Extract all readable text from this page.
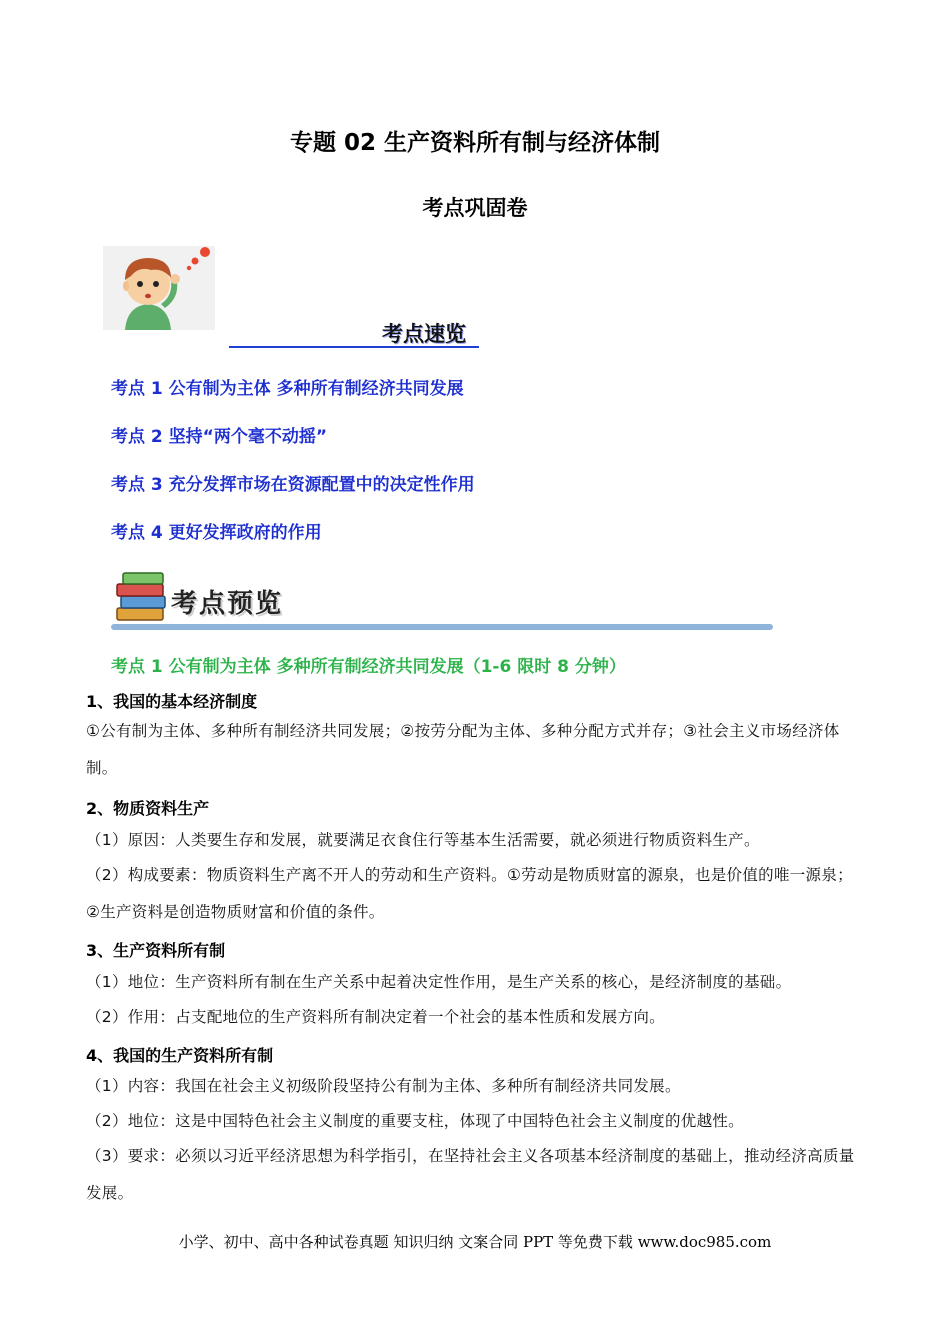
专题 02 生产资料所有制与经济体制
考点巩固卷
考点速览
考点 1 公有制为主体 多种所有制经济共同发展
考点 2 坚持“两个毫不动摇”
考点 3 充分发挥市场在资源配置中的决定性作用
考点 4 更好发挥政府的作用
考点预览
考点 1 公有制为主体 多种所有制经济共同发展（1-6 限时 8 分钟）
1、我国的基本经济制度
①公有制为主体、多种所有制经济共同发展；②按劳分配为主体、多种分配方式并存；③社会主义市场经济体制。
2、物质资料生产
（1）原因：人类要生存和发展，就要满足衣食住行等基本生活需要，就必须进行物质资料生产。
（2）构成要素：物质资料生产离不开人的劳动和生产资料。①劳动是物质财富的源泉，也是价值的唯一源泉；②生产资料是创造物质财富和价值的条件。
3、生产资料所有制
（1）地位：生产资料所有制在生产关系中起着决定性作用，是生产关系的核心，是经济制度的基础。
（2）作用：占支配地位的生产资料所有制决定着一个社会的基本性质和发展方向。
4、我国的生产资料所有制
（1）内容：我国在社会主义初级阶段坚持公有制为主体、多种所有制经济共同发展。
（2）地位：这是中国特色社会主义制度的重要支柱，体现了中国特色社会主义制度的优越性。
（3）要求：必须以习近平经济思想为科学指引，在坚持社会主义各项基本经济制度的基础上，推动经济高质量发展。
小学、初中、高中各种试卷真题 知识归纳 文案合同 PPT 等免费下载 www.doc985.com
